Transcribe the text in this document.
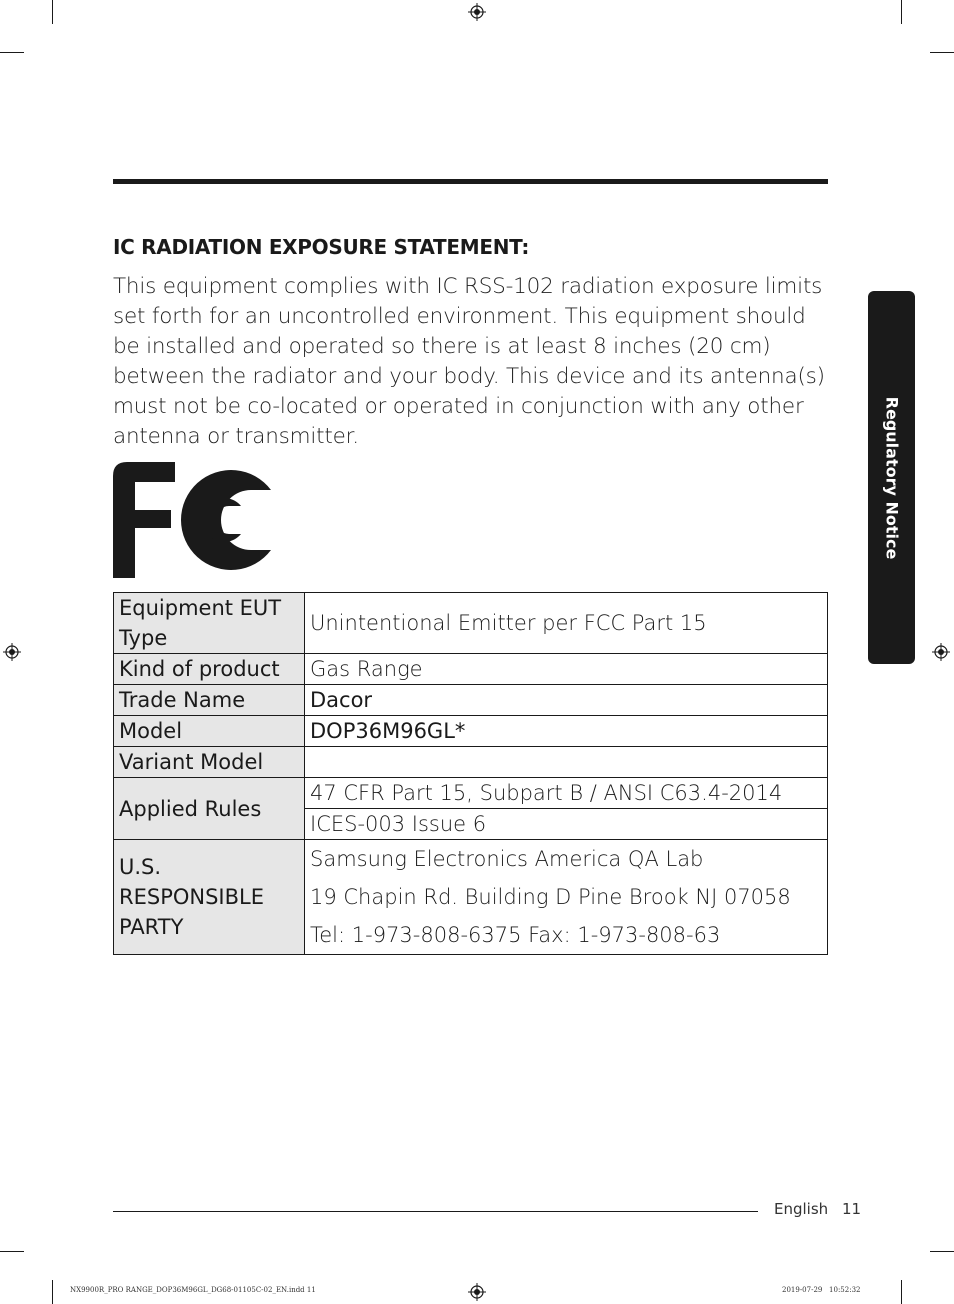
IC RADIATION EXPOSURE STATEMENT:
This equipment complies with IC RSS-102 radiation exposure limits set forth for an uncontrolled environment. This equipment should be installed and operated so there is at least 8 inches (20 cm) between the radiator and your body. This device and its antenna(s) must not be co-located or operated in conjunction with any other antenna or transmitter.
Equipment EUT Type	Unintentional Emitter per FCC Part 15
Kind of product	Gas Range
Trade Name	Dacor
Model	DOP36M96GL*
Variant Model	
Applied Rules	47 CFR Part 15, Subpart B / ANSI C63.4-2014
	ICES-003 Issue 6
U.S. RESPONSIBLE PARTY	Samsung Electronics America QA Lab
19 Chapin Rd. Building D Pine Brook NJ 07058
Tel: 1-973-808-6375 Fax: 1-973-808-63
Regulatory Notice
English 11
NX9900R_PRO RANGE_DOP36M96GL_DG68-01105C-02_EN.indd 11	2019-07-29   10:52:32
